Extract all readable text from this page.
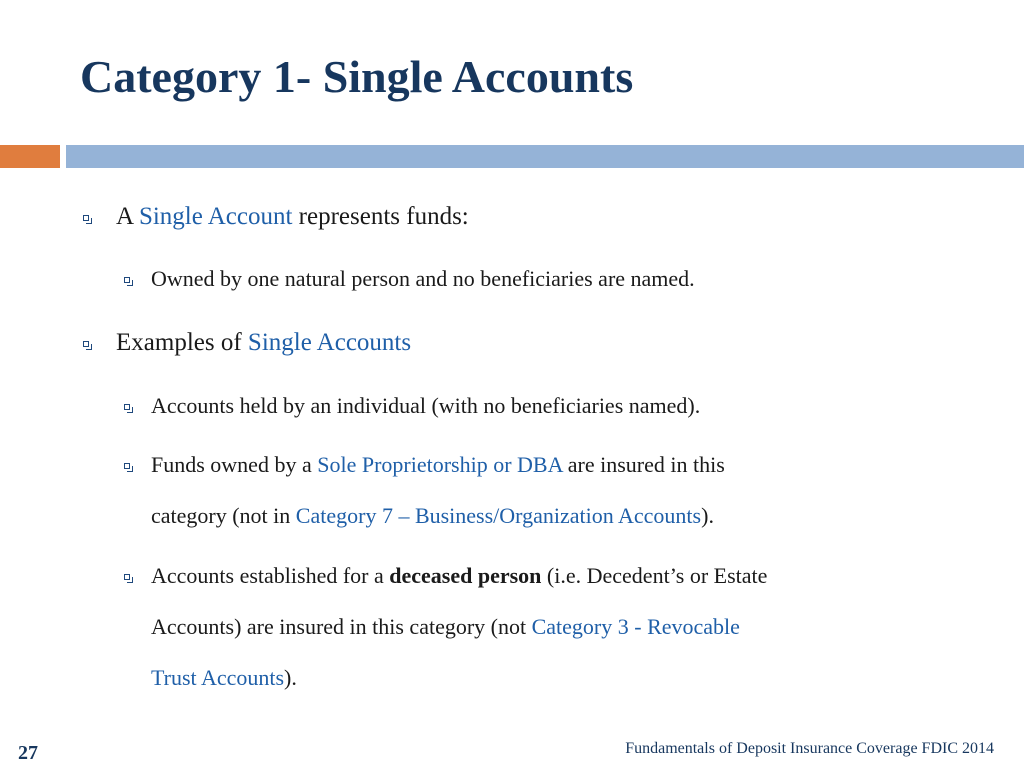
Category 1- Single Accounts
A Single Account represents funds:
Owned by one natural person and no beneficiaries are named.
Examples of Single Accounts
Accounts held by an individual (with no beneficiaries named).
Funds owned by a Sole Proprietorship or DBA are insured in this
category (not in Category 7 – Business/Organization Accounts).
Accounts established for a deceased person (i.e. Decedent’s or Estate
Accounts) are insured in this category (not Category 3 - Revocable
Trust Accounts).
27	Fundamentals of Deposit Insurance Coverage FDIC 2014
